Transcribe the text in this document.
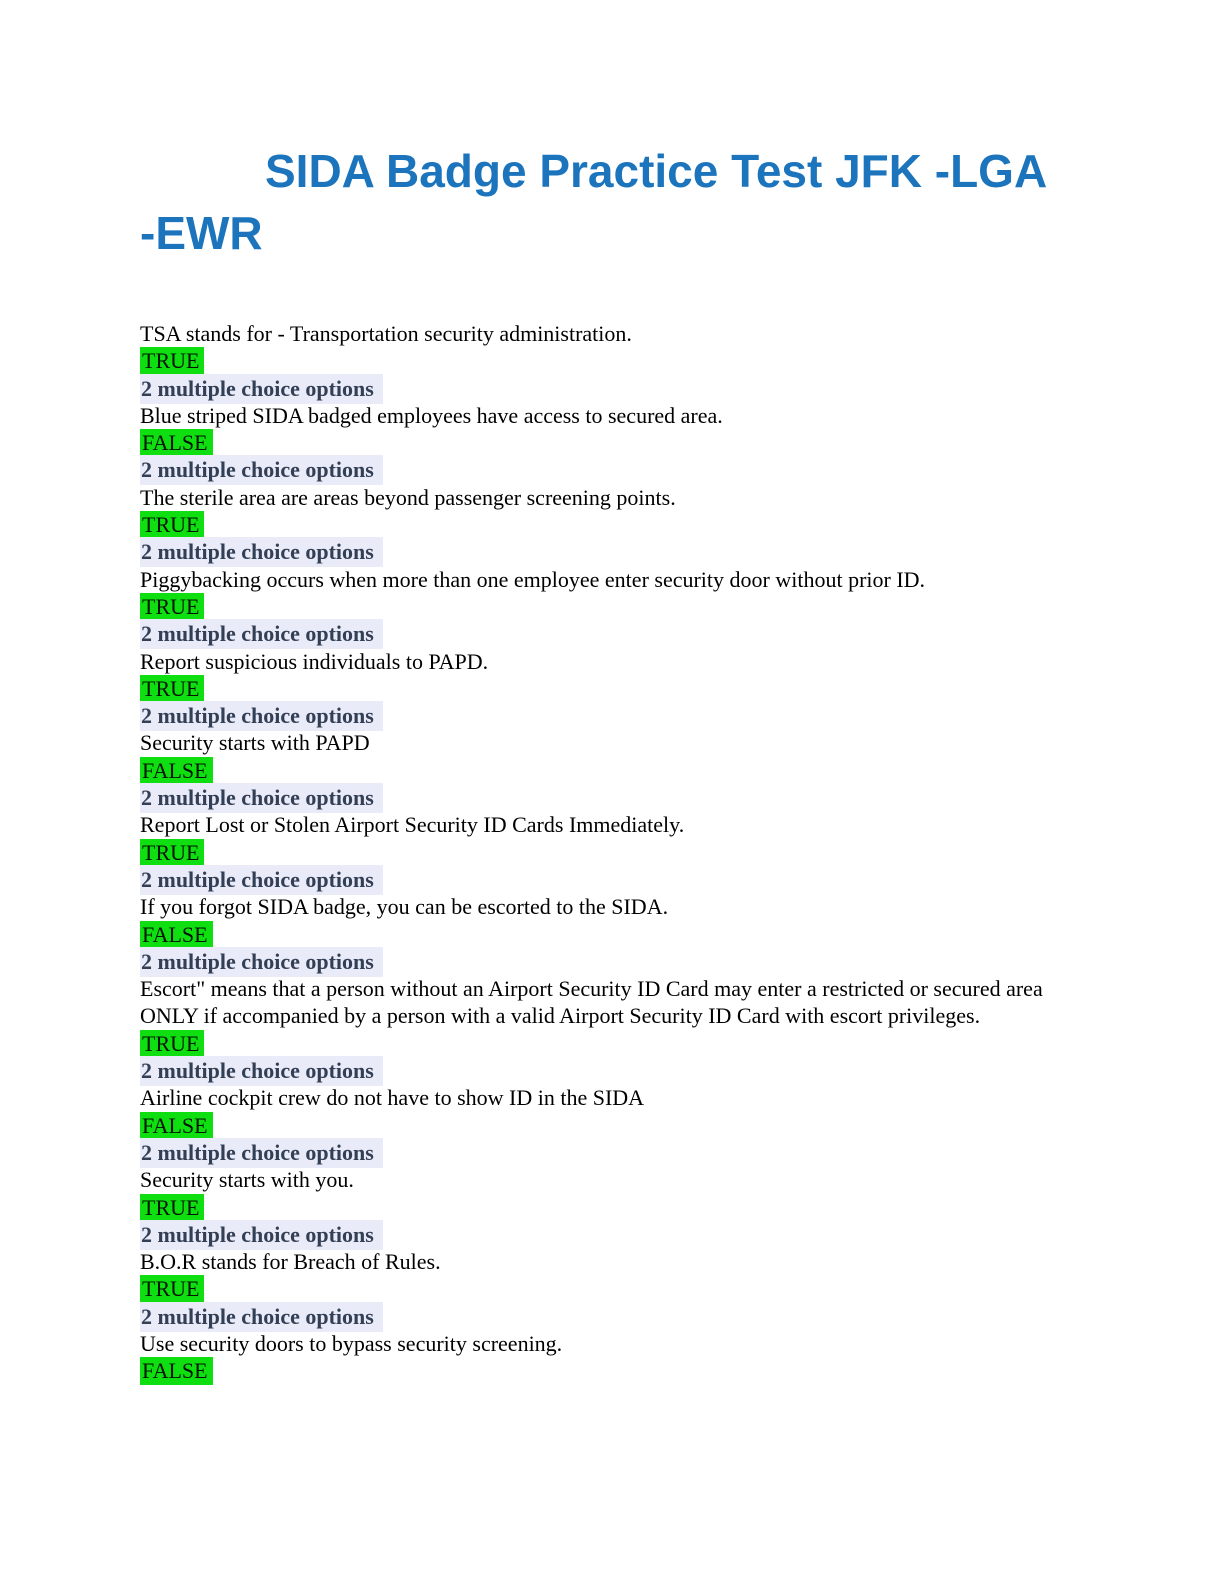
SIDA Badge Practice Test JFK -LGA
-EWR

TSA stands for - Transportation security administration.

TRUE
2 multiple choice options

Blue striped SIDA badged employees have access to secured area.

FALSE
2 multiple choice options

The sterile area are areas beyond passenger screening points.

TRUE
2 multiple choice options

Piggybacking occurs when more than one employee enter security door without prior ID.

TRUE
2 multiple choice options

Report suspicious individuals to PAPD.

TRUE
2 multiple choice options

Security starts with PAPD

FALSE
2 multiple choice options

Report Lost or Stolen Airport Security ID Cards Immediately.

TRUE
2 multiple choice options

If you forgot SIDA badge, you can be escorted to the SIDA.

FALSE
2 multiple choice options

Escort" means that a person without an Airport Security ID Card may enter a restricted or secured area ONLY if accompanied by a person with a valid Airport Security ID Card with escort privileges.

TRUE
2 multiple choice options

Airline cockpit crew do not have to show ID in the SIDA

FALSE
2 multiple choice options

Security starts with you.

TRUE
2 multiple choice options

B.O.R stands for Breach of Rules.

TRUE
2 multiple choice options

Use security doors to bypass security screening.

FALSE
